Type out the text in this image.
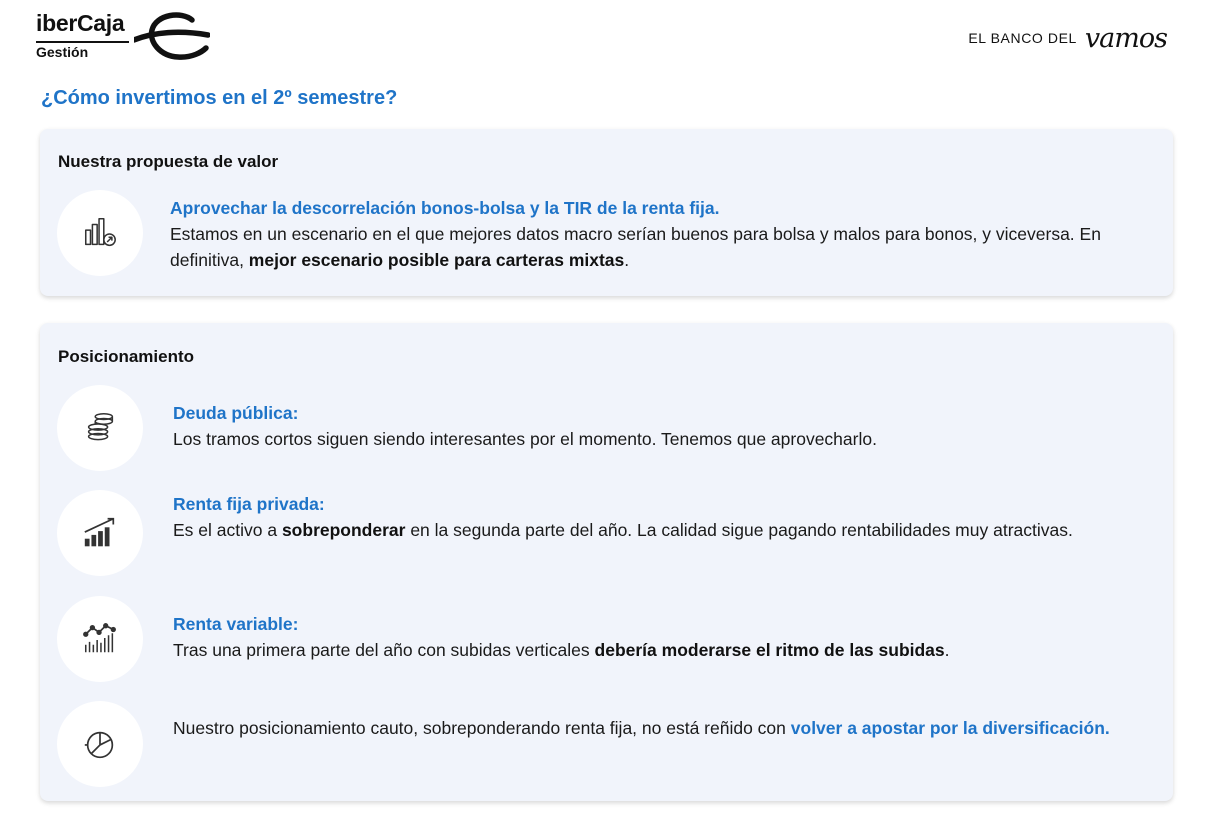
iberCaja
Gestión
EL BANCO DEL vamos
¿Cómo invertimos en el 2º semestre?
Nuestra propuesta de valor
Aprovechar la descorrelación bonos-bolsa y la TIR de la renta fija.
Estamos en un escenario en el que mejores datos macro serían buenos para bolsa y malos para bonos, y viceversa. En definitiva, mejor escenario posible para carteras mixtas.
Posicionamiento
Deuda pública:
Los tramos cortos siguen siendo interesantes por el momento. Tenemos que aprovecharlo.
Renta fija privada:
Es el activo a sobreponderar en la segunda parte del año. La calidad sigue pagando rentabilidades muy atractivas.
Renta variable:
Tras una primera parte del año con subidas verticales debería moderarse el ritmo de las subidas.
Nuestro posicionamiento cauto, sobreponderando renta fija, no está reñido con volver a apostar por la diversificación.
